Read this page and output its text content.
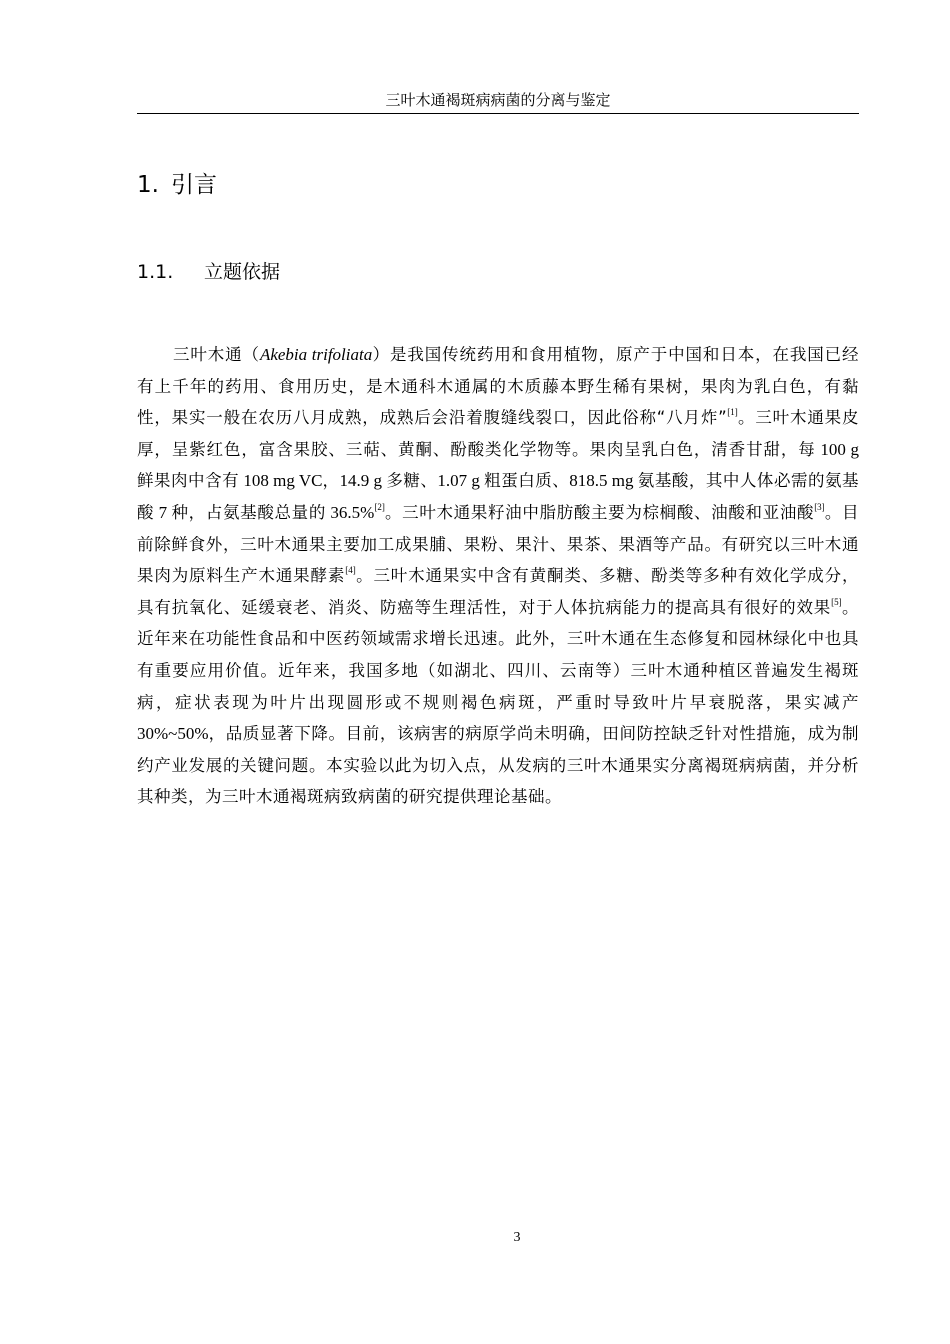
三叶木通褐斑病病菌的分离与鉴定
1. 引言
1.1. 立题依据

三叶木通（Akebia trifoliata）是我国传统药用和食用植物，原产于中国和日本，在我国已经有上千年的药用、食用历史，是木通科木通属的木质藤本野生稀有果树，果肉为乳白色，有黏性，果实一般在农历八月成熟，成熟后会沿着腹缝线裂口，因此俗称“八月炸”[1]。三叶木通果皮厚，呈紫红色，富含果胶、三萜、黄酮、酚酸类化学物等。果肉呈乳白色，清香甘甜，每 100 g 鲜果肉中含有 108 mg VC，14.9 g 多糖、1.07 g 粗蛋白质、818.5 mg 氨基酸，其中人体必需的氨基酸 7 种，占氨基酸总量的 36.5%[2]。三叶木通果籽油中脂肪酸主要为棕榈酸、油酸和亚油酸[3]。目前除鲜食外，三叶木通果主要加工成果脯、果粉、果汁、果茶、果酒等产品。有研究以三叶木通果肉为原料生产木通果酵素[4]。三叶木通果实中含有黄酮类、多糖、酚类等多种有效化学成分，具有抗氧化、延缓衰老、消炎、防癌等生理活性，对于人体抗病能力的提高具有很好的效果[5]。近年来在功能性食品和中医药领域需求增长迅速。此外，三叶木通在生态修复和园林绿化中也具有重要应用价值。近年来，我国多地（如湖北、四川、云南等）三叶木通种植区普遍发生褐斑病，症状表现为叶片出现圆形或不规则褐色病斑，严重时导致叶片早衰脱落，果实减产 30%~50%，品质显著下降。目前，该病害的病原学尚未明确，田间防控缺乏针对性措施，成为制约产业发展的关键问题。本实验以此为切入点，从发病的三叶木通果实分离褐斑病病菌，并分析其种类，为三叶木通褐斑病致病菌的研究提供理论基础。

3
